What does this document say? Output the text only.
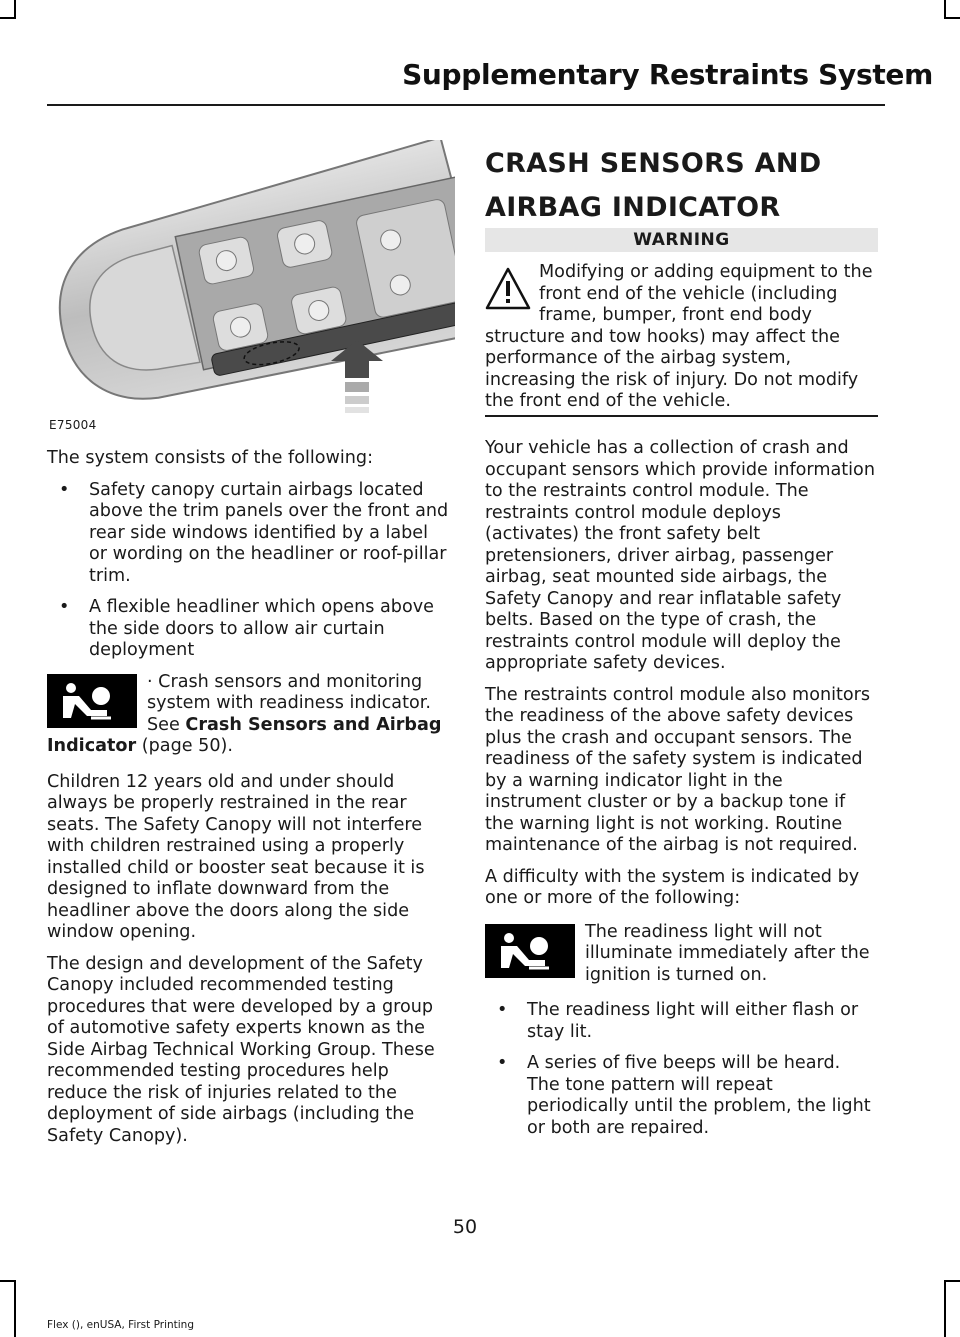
Supplementary Restraints System
E75004

The system consists of the following:

• Safety canopy curtain airbags located above the trim panels over the front and rear side windows identified by a label or wording on the headliner or roof-pillar trim.
• A flexible headliner which opens above the side doors to allow air curtain deployment
· Crash sensors and monitoring system with readiness indicator. See Crash Sensors and Airbag Indicator (page 50).

Children 12 years old and under should always be properly restrained in the rear seats. The Safety Canopy will not interfere with children restrained using a properly installed child or booster seat because it is designed to inflate downward from the headliner above the doors along the side window opening.

The design and development of the Safety Canopy included recommended testing procedures that were developed by a group of automotive safety experts known as the Side Airbag Technical Working Group. These recommended testing procedures help reduce the risk of injuries related to the deployment of side airbags (including the Safety Canopy).

CRASH SENSORS AND
AIRBAG INDICATOR
WARNING
Modifying or adding equipment to the front end of the vehicle (including frame, bumper, front end body structure and tow hooks) may affect the performance of the airbag system, increasing the risk of injury. Do not modify the front end of the vehicle.

Your vehicle has a collection of crash and occupant sensors which provide information to the restraints control module. The restraints control module deploys (activates) the front safety belt pretensioners, driver airbag, passenger airbag, seat mounted side airbags, the Safety Canopy and rear inflatable safety belts. Based on the type of crash, the restraints control module will deploy the appropriate safety devices.

The restraints control module also monitors the readiness of the above safety devices plus the crash and occupant sensors. The readiness of the safety system is indicated by a warning indicator light in the instrument cluster or by a backup tone if the warning light is not working. Routine maintenance of the airbag is not required.

A difficulty with the system is indicated by one or more of the following:

The readiness light will not illuminate immediately after the ignition is turned on.
• The readiness light will either flash or stay lit.
• A series of five beeps will be heard. The tone pattern will repeat periodically until the problem, the light or both are repaired.
50
Flex (), enUSA, First Printing
